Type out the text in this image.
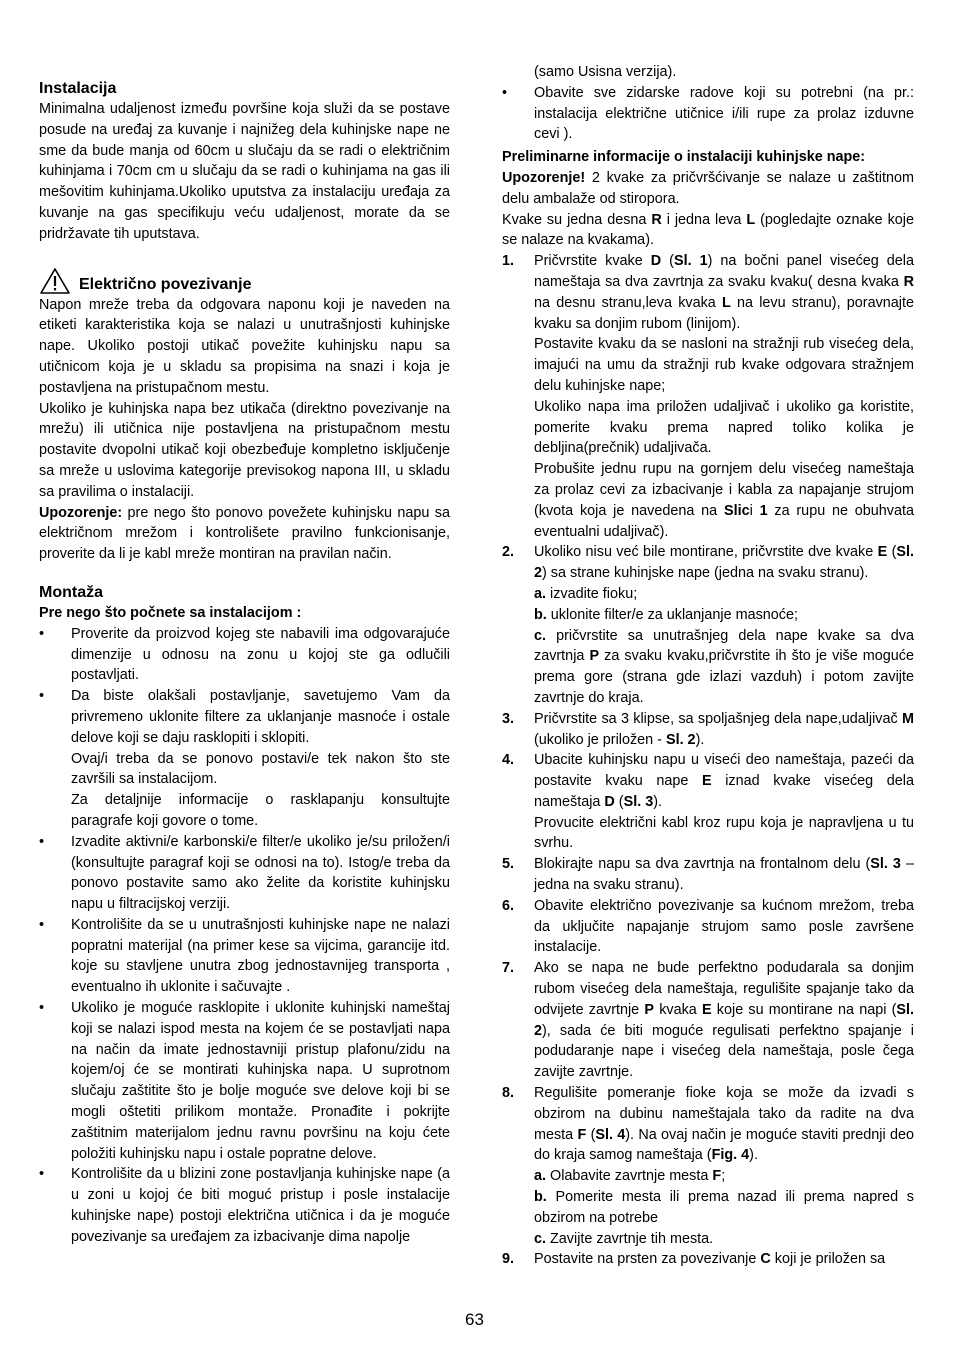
Instalacija

Minimalna udaljenost između površine koja služi da se postave posude na uređaj za kuvanje i najnižeg dela kuhinjske nape ne sme da bude manja od 60cm u slučaju da se radi o električnim kuhinjama i 70cm cm u slučaju da se radi o kuhinjama na gas ili mešovitim kuhinjama.Ukoliko uputstva za instalaciju uređaja za kuvanje na gas specifikuju veću udaljenost, morate da se pridržavate tih uputstava.

Električno povezivanje

Napon mreže treba da odgovara naponu koji je naveden na etiketi karakteristika koja se nalazi u unutrašnjosti kuhinjske nape. Ukoliko postoji utikač povežite kuhinjsku napu sa utičnicom koja je u skladu sa propisima na snazi i koja je postavljena na pristupačnom mestu.

Ukoliko je kuhinjska napa bez utikača (direktno povezivanje na mrežu) ili utičnica nije postavljena na pristupačnom mestu postavite dvopolni utikač koji obezbeđuje kompletno isključenje sa mreže u uslovima kategorije previsokog napona III, u skladu sa pravilima o instalaciji.

Upozorenje: pre nego što ponovo povežete kuhinjsku napu sa električnom mrežom i kontrolišete pravilno funkcionisanje, proverite da li je kabl mreže montiran na pravilan način.

Montaža

Pre nego što počnete sa instalacijom :

• Proverite da proizvod kojeg ste nabavili ima odgovarajuće dimenzije u odnosu na zonu u kojoj ste ga odlučili postavljati.
• Da biste olakšali postavljanje, savetujemo Vam da privremeno uklonite filtere za uklanjanje masnoće i ostale delove koji se daju rasklopiti i sklopiti.
Ovaj/i treba da se ponovo postavi/e tek nakon što ste završili sa instalacijom.
Za detaljnije informacije o rasklapanju konsultujte paragrafe koji govore o tome.
• Izvadite aktivni/e karbonski/e filter/e ukoliko je/su priložen/i (konsultujte paragraf koji se odnosi na to). Istog/e treba da ponovo postavite samo ako želite da koristite kuhinjsku napu u filtracijskoj verziji.
• Kontrolišite da se u unutrašnjosti kuhinjske nape ne nalazi popratni materijal (na primer kese sa vijcima, garancije itd. koje su stavljene unutra zbog jednostavnijeg transporta , eventualno ih uklonite i sačuvajte .
• Ukoliko je moguće rasklopite i uklonite kuhinjski nameštaj koji se nalazi ispod mesta na kojem će se postavljati napa na način da imate jednostavniji pristup plafonu/zidu na kojem/oj će se montirati kuhinjska napa. U suprotnom slučaju zaštitite što je bolje moguće sve delove koji bi se mogli oštetiti prilikom montaže. Pronađite i pokrijte zaštitnim materijalom jednu ravnu površinu na koju ćete položiti kuhinjsku napu i ostale popratne delove.
• Kontrolišite da u blizini zone postavljanja kuhinjske nape (a u zoni u kojoj će biti moguć pristup i posle instalacije kuhinjske nape) postoji električna utičnica i da je moguće povezivanje sa uređajem za izbacivanje dima napolje

(samo Usisna verzija).

• Obavite sve zidarske radove koji su potrebni (na pr.: instalacija električne utičnice i/ili rupe za prolaz izduvne cevi ).

Preliminarne informacije o instalaciji kuhinjske nape:

Upozorenje! 2 kvake za pričvršćivanje se nalaze u zaštitnom delu ambalaže od stiropora.

Kvake su jedna desna R i jedna leva L (pogledajte oznake koje se nalaze na kvakama).

1. Pričvrstite kvake D (Sl. 1) na bočni panel visećeg dela nameštaja sa dva zavrtnja za svaku kvaku( desna kvaka R na desnu stranu,leva kvaka L na levu stranu), poravnajte kvaku sa donjim rubom (linijom).

Postavite kvaku da se nasloni na stražnji rub visećeg dela, imajući na umu da stražnji rub kvake odgovara stražnjem delu kuhinjske nape;

Ukoliko napa ima priložen udaljivač i ukoliko ga koristite, pomerite kvaku prema napred toliko kolika je debljina(prečnik) udaljivača.

Probušite jednu rupu na gornjem delu visećeg nameštaja za prolaz cevi za izbacivanje i kabla za napajanje strujom (kvota koja je navedena na Slici 1 za rupu ne obuhvata eventualni udaljivač).

2. Ukoliko nisu već bile montirane, pričvrstite dve kvake E (Sl. 2) sa strane kuhinjske nape (jedna na svaku stranu).

a. izvadite fioku;

b. uklonite filter/e za uklanjanje masnoće;

c. pričvrstite sa unutrašnjeg dela nape kvake sa dva zavrtnja P za svaku kvaku,pričvrstite ih što je više moguće prema gore (strana gde izlazi vazduh) i potom zavijte zavrtnje do kraja.

3. Pričvrstite sa 3 klipse, sa spoljašnjeg dela nape,udaljivač M (ukoliko je priložen - Sl. 2).

4. Ubacite kuhinjsku napu u viseći deo nameštaja, pazeći da postavite kvaku nape E iznad kvake visećeg dela nameštaja D (Sl. 3).

Provucite električni kabl kroz rupu koja je napravljena u tu svrhu.

5. Blokirajte napu sa dva zavrtnja na frontalnom delu (Sl. 3 – jedna na svaku stranu).

6. Obavite električno povezivanje sa kućnom mrežom, treba da uključite napajanje strujom samo posle završene instalacije.

7. Ako se napa ne bude perfektno podudarala sa donjim rubom visećeg dela nameštaja, regulišite spajanje tako da odvijete zavrtnje P kvaka E koje su montirane na napi (Sl. 2), sada će biti moguće regulisati perfektno spajanje i podudaranje nape i visećeg dela nameštaja, posle čega zavijte zavrtnje.

8. Regulišite pomeranje fioke koja se može da izvadi s obzirom na dubinu nameštajala tako da radite na dva mesta F (Sl. 4). Na ovaj način je moguće staviti prednji deo do kraja samog nameštaja (Fig. 4).

a. Olabavite zavrtnje mesta F;

b. Pomerite mesta ili prema nazad ili prema napred s obzirom na potrebe

c. Zavijte zavrtnje tih mesta.

9. Postavite na prsten za povezivanje C koji je priložen sa

63
